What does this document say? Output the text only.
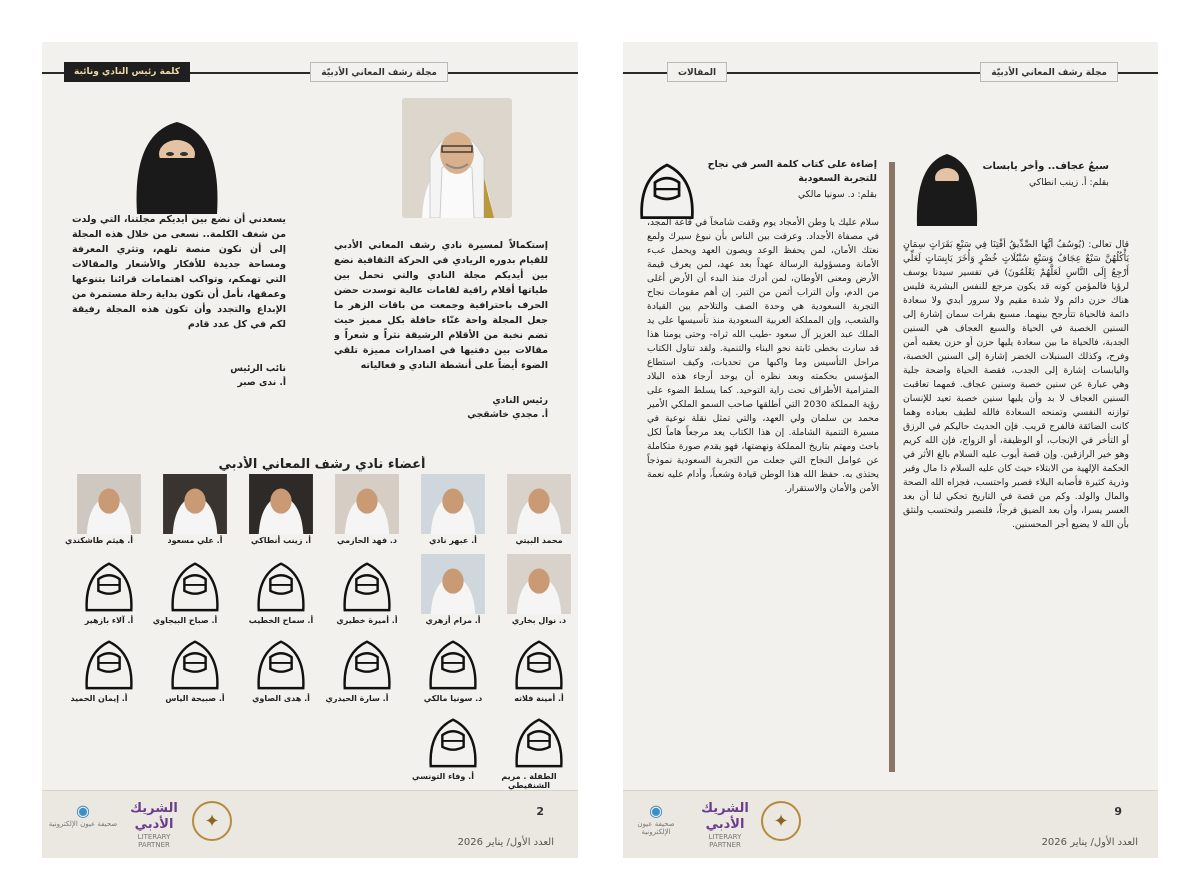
مجلة رشف المعاني الأدبيّة
كلمة رئيس النادي ونائبة
إستكمالاً لمسيرة نادي رشف المعاني الأدبي للقيام بدوره الريادي في الحركة الثقافية نضع بين أيديكم مجلة النادي والتي تحمل بين طياتها أقلام راقية لقامات عالية توسدت حضن الحرف باحترافية وجمعت من باقات الزهر ما جعل المجلة واحة غنّاء حافلة بكل مميز حيث تضم نخبة من الأقلام الرشيقة نثراً و شعراً و مقالات بين دفتيها في اصدارات مميزة تلقي الضوء أيضاً على أنشطة النادي و فعالياته
رئيس النادي
أ. مجدي خاشقجي
يسعدني أن نضع بين أيديكم مجلتنا، التي ولدت من شغف الكلمة.. نسعى من خلال هذه المجلة إلى أن نكون منصة تلهم، وتثري المعرفة ومساحة جديدة للأفكار والأشعار والمقالات التي تهمكم، وتواكب اهتمامات قرائنا بتنوعها وعمقها، نأمل أن تكون بداية رحلة مستمرة من الإبداع والتجدد وأن تكون هذه المجلة رفيقة لكم في كل عدد قادم
نائب الرئيس
أ. ندى صبر
أعضاء نادي رشف المعاني الأدبي
✦
الشريك الأدبي
LITERARY PARTNER
◉
صحيفة عيون الإلكترونية
2
العدد الأول/ يناير 2026
محمد البيتي
أ. عبهر نادي
د. فهد الحازمي
أ. زينب أنطاكي
أ. علي مسعود
أ. هيثم طاشكندي
د. نوال بخاري
أ. مرام أزهري
أ. أميرة خطيري
أ. سماح الخطيب
أ. صباح البيجاوي
أ. آلاء بازهير
أ. أمينة فلاته
د. سونيا مالكي
أ. سارة الحيدري
أ. هدى الصاوي
أ. صبيحة الياس
أ. إيمان الحميد
الطفلة . مريم الشنقيطي
أ. وفاء التونسي
مجلة رشف المعاني الأدبيّة
المقالات
سبعُ عجاف.. وأخر يابسات
بقلم: أ. زينب انطاكي
إضاءة على كتاب كلمة السر في نجاح للتجربة السعودية
بقلم: د. سونيا مالكي
قال تعالى: (يُوسُفُ أَيُّهَا الصِّدِّيقُ أَفْتِنَا فِي سَبْعِ بَقَرَاتٍ سِمَانٍ يَأْكُلُهُنَّ سَبْعٌ عِجَافٌ وَسَبْعِ سُنْبُلَاتٍ خُضْرٍ وَأُخَرَ يَابِسَاتٍ لَعَلِّي أَرْجِعُ إِلَى النَّاسِ لَعَلَّهُمْ يَعْلَمُونَ) في تفسير سيدنا يوسف لرؤيا فالمؤمن كونه قد يكون مرجع للنفس البشرية فليس هناك حزن دائم ولا شدة مقيم ولا سرور أبدي ولا سعادة دائمة فالحياة تتأرجح بينهما. مسبع بقرات سمان إشارة إلى السنين الخصبة في الحياة والسبع العجاف هي السنين الجدبة، فالحياة ما بين سعادة يليها حزن أو حزن يعقبه أمن وفرح، وكذلك السنبلات الخضر إشارة إلى السنين الخصبة، واليابسات إشارة إلى الجدب، فقصة الحياة واضحة جلية وهي عبارة عن سنين خصبة وسنين عجاف. فمهما تعاقبت السنين العجاف لا بد وأن يليها سنين خصبة تعيد للإنسان توازنه النفسي وتمنحه السعادة فالله لطيف بعباده وهما كانت الضائقة فالفرج قريب. فإن الحديث حاليكم في الرزق أو التأخر في الإنجاب، أو الوظيفة، أو الزواج، فإن الله كريم وهو خير الرازقين. وإن قصة أيوب عليه السلام بالغ الأثر في الحكمة الإلهية من الابتلاء حيث كان عليه السلام ذا مال وفير وذرية كثيرة فأصابه البلاء فصبر واحتسب، فجزاه الله الصحة والمال والولد. وكم من قصة في التاريخ تحكي لنا أن بعد العسر يسرا، وأن بعد الضيق فرجاً، فلنصبر ولنحتسب ولنثق بأن الله لا يضيع أجر المحسنين.
سلام عليك يا وطن الأمجاد يوم وقفت شامخاً في قاعة المجد، في مصفاة الأجداد. وعرفت بين الناس بأن نبوغ سيرك ولمع نعتك الأمان، لمن يحفظ الوعد ويصون العهد ويحمل عبء الأمانة ومسؤولية الرسالة عهداً بعد عهد، لمن يعرف قيمة الأرض ومعنى الأوطان، لمن أدرك منذ البدء أن الأرض أغلى من الدم، وأن التراب أثمن من التبر. إن أهم مقومات نجاح التجربة السعودية هي وحدة الصف والتلاحم بين القيادة والشعب، وإن المملكة العربية السعودية منذ تأسيسها على يد الملك عبد العزيز آل سعود -طيب الله ثراه- وحتى يومنا هذا قد سارت بخطى ثابتة نحو البناء والتنمية. ولقد تناول الكتاب مراحل التأسيس وما واكبها من تحديات، وكيف استطاع المؤسس بحكمته وبعد نظره أن يوحد أرجاء هذه البلاد المترامية الأطراف تحت راية التوحيد. كما يسلط الضوء على رؤية المملكة 2030 التي أطلقها صاحب السمو الملكي الأمير محمد بن سلمان ولي العهد، والتي تمثل نقلة نوعية في مسيرة التنمية الشاملة. إن هذا الكتاب يعد مرجعاً هاماً لكل باحث ومهتم بتاريخ المملكة ونهضتها، فهو يقدم صورة متكاملة عن عوامل النجاح التي جعلت من التجربة السعودية نموذجاً يحتذى به. حفظ الله هذا الوطن قيادة وشعباً، وأدام عليه نعمة الأمن والأمان والاستقرار.
✦
الشريك الأدبي
LITERARY PARTNER
◉
صحيفة عيون الإلكترونية
9
العدد الأول/ يناير 2026
